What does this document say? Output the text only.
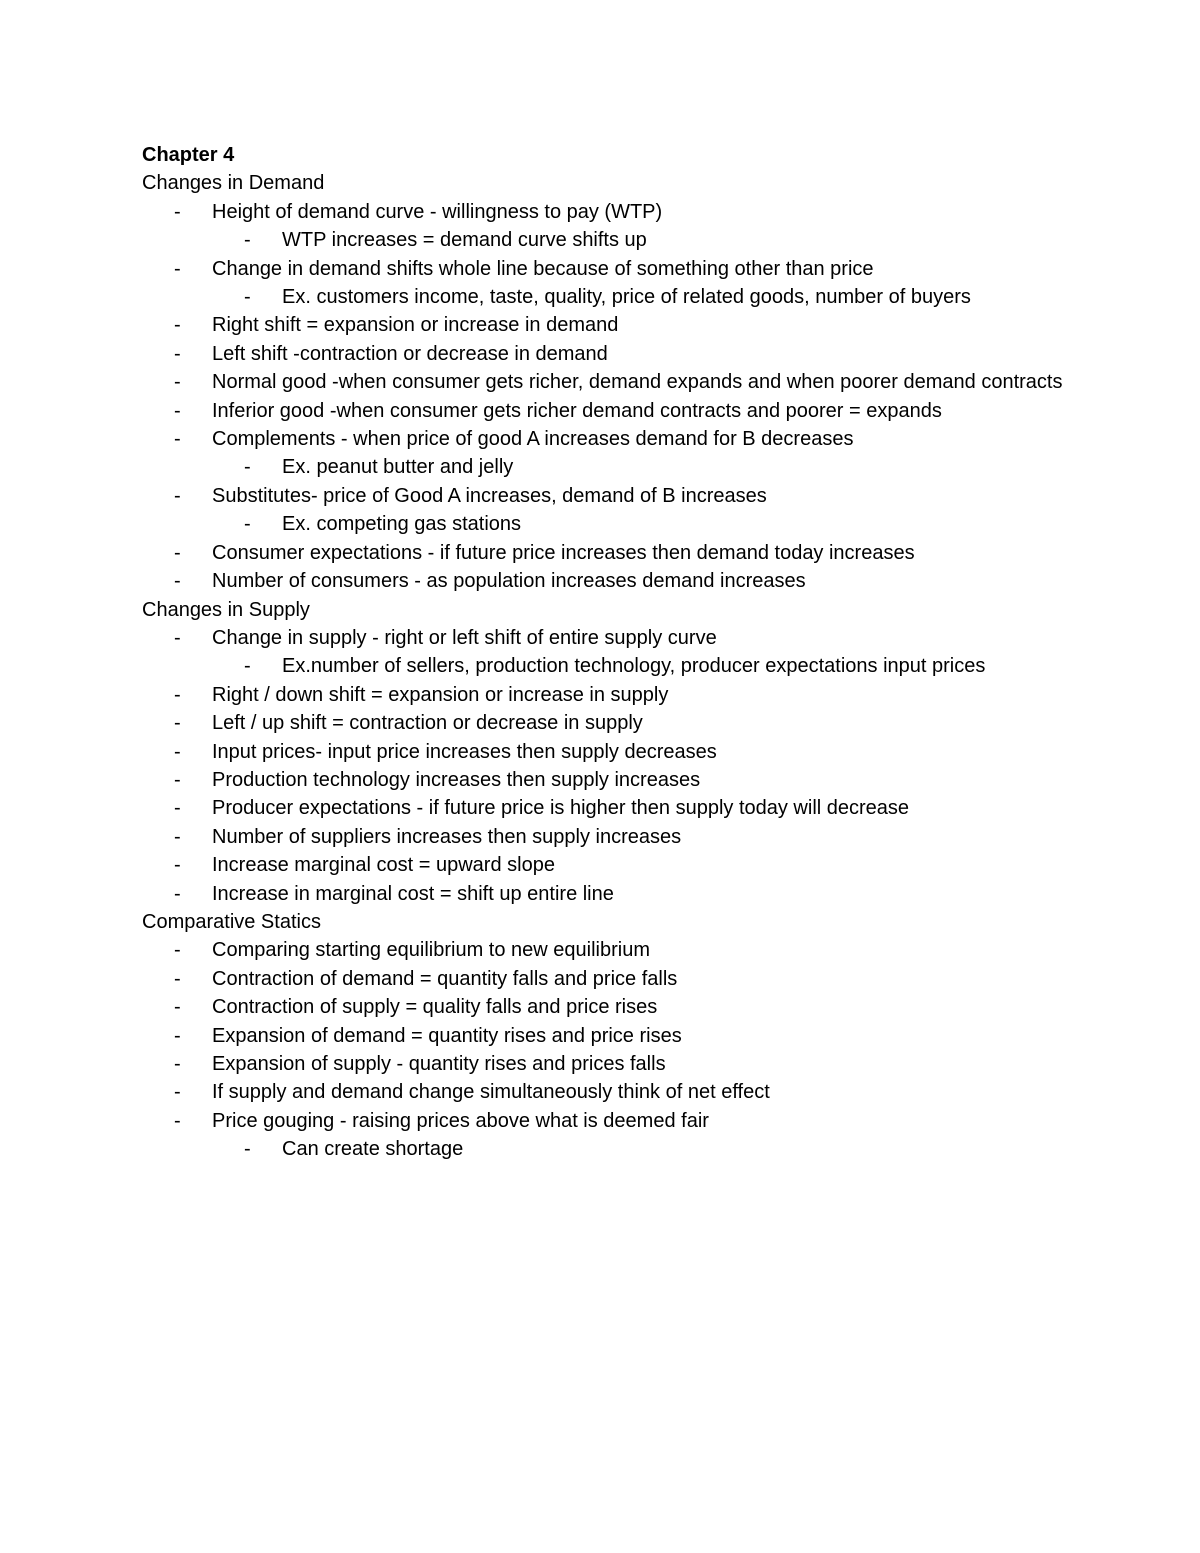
Chapter 4
Changes in Demand
- Height of demand curve - willingness to pay (WTP)
- WTP increases = demand curve shifts up
- Change in demand shifts whole line because of something other than price
- Ex. customers income, taste, quality, price of related goods, number of buyers
- Right shift = expansion or increase in demand
- Left shift -contraction or decrease in demand
- Normal good -when consumer gets richer, demand expands and when poorer demand contracts
- Inferior good -when consumer gets richer demand contracts and poorer = expands
- Complements - when price of good A increases demand for B decreases
- Ex. peanut butter and jelly
- Substitutes- price of Good A increases, demand of B increases
- Ex. competing gas stations
- Consumer expectations - if future price increases then demand today increases
- Number of consumers - as population increases demand increases
Changes in Supply
- Change in supply - right or left shift of entire supply curve
- Ex.number of sellers, production technology, producer expectations input prices
- Right / down shift = expansion or increase in supply
- Left / up shift = contraction or decrease in supply
- Input prices- input price increases then supply decreases
- Production technology increases then supply increases
- Producer expectations - if future price is higher then supply today will decrease
- Number of suppliers increases then supply increases
- Increase marginal cost = upward slope
- Increase in marginal cost = shift up entire line
Comparative Statics
- Comparing starting equilibrium to new equilibrium
- Contraction of demand = quantity falls and price falls
- Contraction of supply = quality falls and price rises
- Expansion of demand = quantity rises and price rises
- Expansion of supply - quantity rises and prices falls
- If supply and demand change simultaneously think of net effect
- Price gouging - raising prices above what is deemed fair
- Can create shortage
